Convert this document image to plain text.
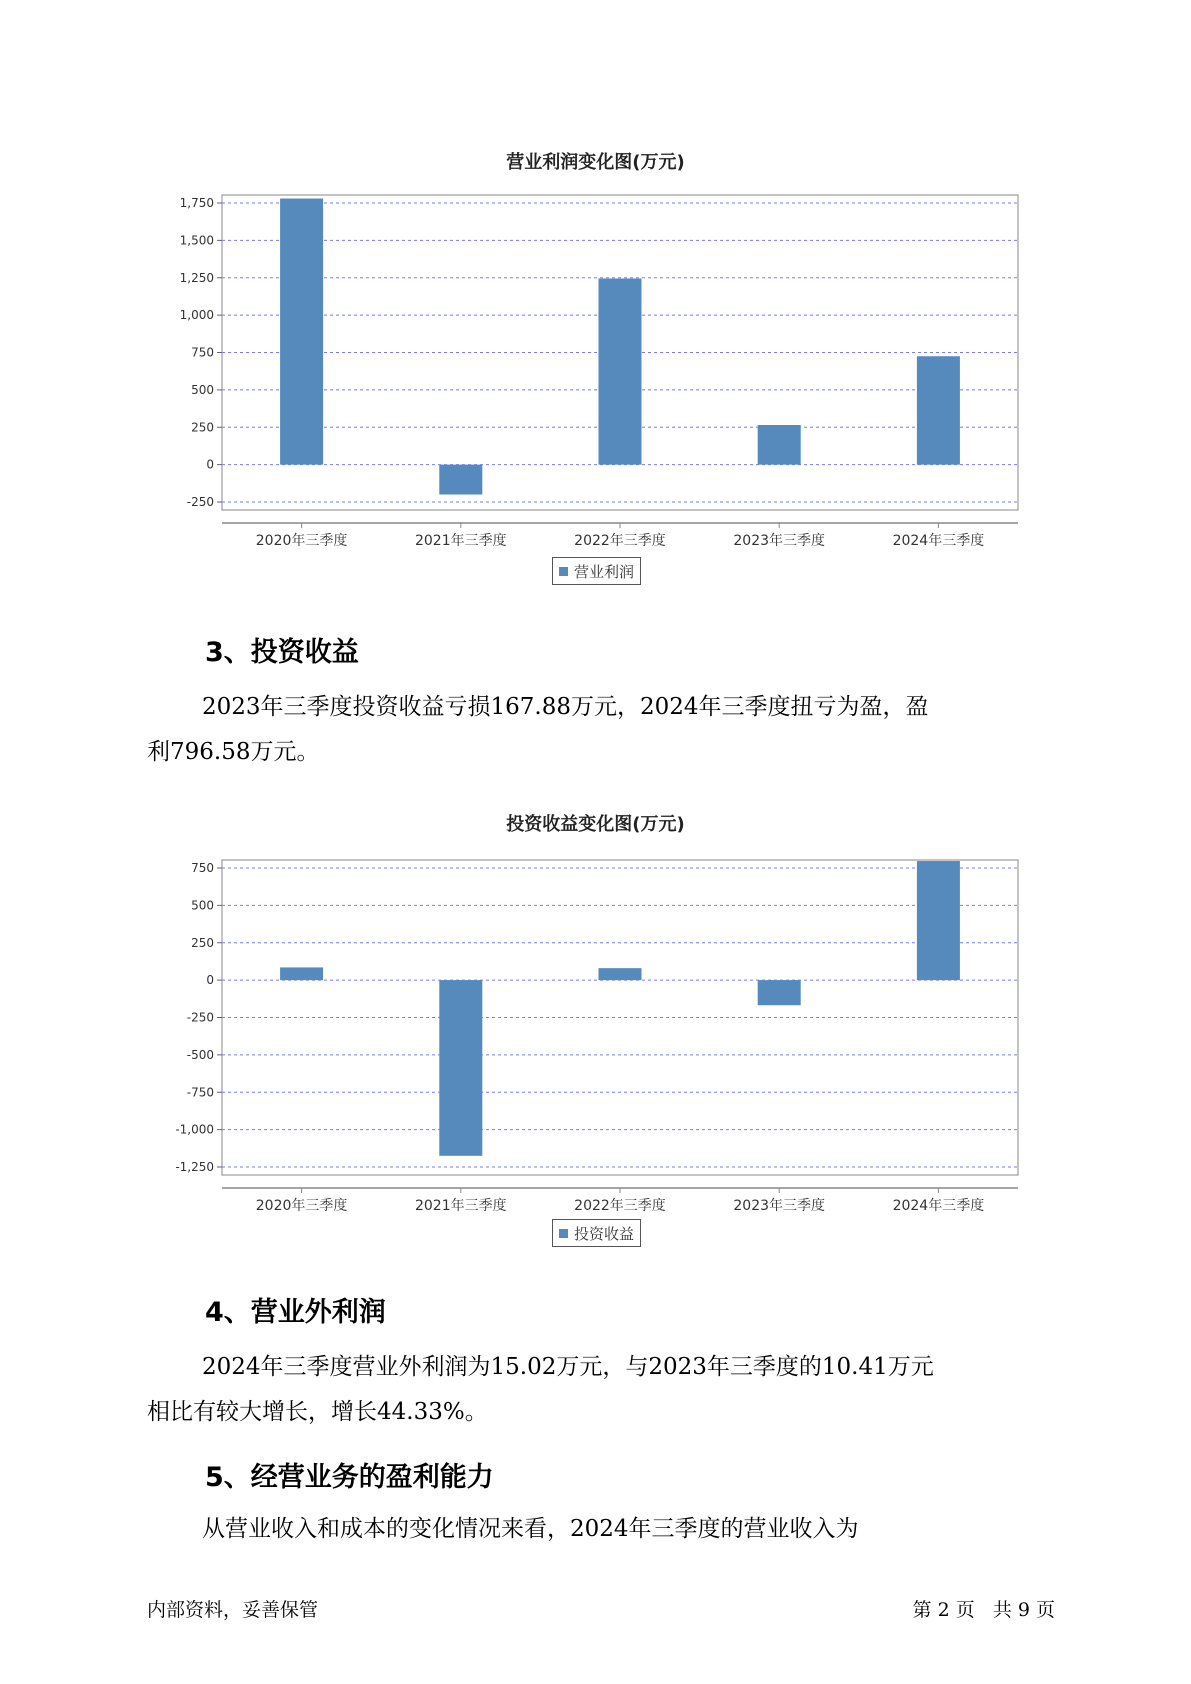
营业利润变化图(万元)
1,750
1,500
1,250
1,000
750
500
250
0
-250
2020年三季度	2021年三季度	2022年三季度	2023年三季度	2024年三季度
营业利润
3、投资收益
2023年三季度投资收益亏损167.88万元，2024年三季度扭亏为盈，盈
利796.58万元。
投资收益变化图(万元)
750
500
250
0
-250
-500
-750
-1,000
-1,250
2020年三季度	2021年三季度	2022年三季度	2023年三季度	2024年三季度
投资收益
4、营业外利润
2024年三季度营业外利润为15.02万元，与2023年三季度的10.41万元
相比有较大增长，增长44.33%。
5、经营业务的盈利能力
从营业收入和成本的变化情况来看，2024年三季度的营业收入为
内部资料，妥善保管	第 2 页   共 9 页
